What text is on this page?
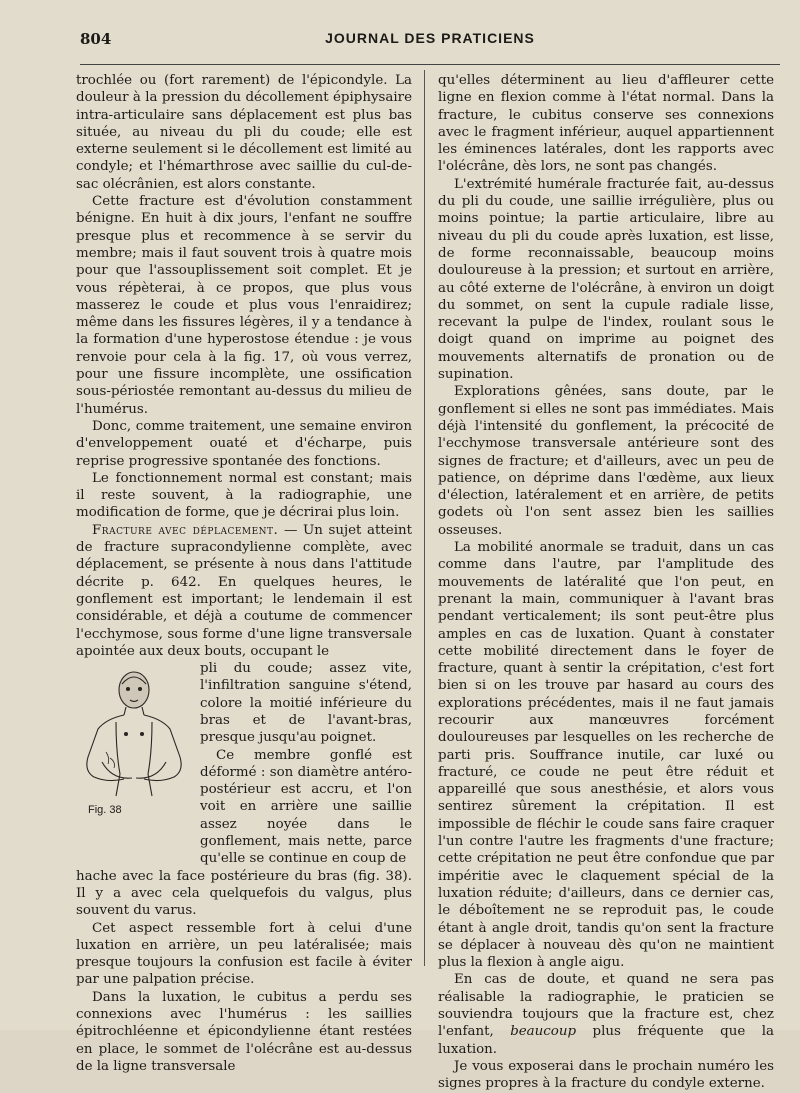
804	JOURNAL DES PRATICIENS

trochlée ou (fort rarement) de l'épicondyle. La douleur à la pression du décollement épiphysaire intra-articulaire sans déplacement est plus bas située, au niveau du pli du coude; elle est externe seulement si le décollement est limité au condyle; et l'hémarthrose avec saillie du cul-de-sac olécrânien, est alors constante.

Cette fracture est d'évolution constamment bénigne. En huit à dix jours, l'enfant ne souffre presque plus et recommence à se servir du membre; mais il faut souvent trois à quatre mois pour que l'assouplissement soit complet. Et je vous répèterai, à ce propos, que plus vous masserez le coude et plus vous l'enraidirez; même dans les fissures légères, il y a tendance à la formation d'une hyperostose étendue : je vous renvoie pour cela à la fig. 17, où vous verrez, pour une fissure incomplète, une ossification sous-périostée remontant au-dessus du milieu de l'humérus.

Donc, comme traitement, une semaine environ d'enveloppement ouaté et d'écharpe, puis reprise progressive spontanée des fonctions.

Le fonctionnement normal est constant; mais il reste souvent, à la radiographie, une modification de forme, que je décrirai plus loin.

Fracture avec déplacement. — Un sujet atteint de fracture supracondylienne complète, avec déplacement, se présente à nous dans l'attitude décrite p. 642. En quelques heures, le gonflement est important; le lendemain il est considérable, et déjà a coutume de commencer l'ecchymose, sous forme d'une ligne transversale apointée aux deux bouts, occupant le

Fig. 38

pli du coude; assez vite, l'infiltration sanguine s'étend, colore la moitié inférieure du bras et de l'avant-bras, presque jusqu'au poignet.

Ce membre gonflé est déformé : son diamètre antéro-postérieur est accru, et l'on voit en arrière une saillie assez noyée dans le gonflement, mais nette, parce qu'elle se continue en coup de

hache avec la face postérieure du bras (fig. 38). Il y a avec cela quelquefois du valgus, plus souvent du varus.

Cet aspect ressemble fort à celui d'une luxation en arrière, un peu latéralisée; mais presque toujours la confusion est facile à éviter par une palpation précise.

Dans la luxation, le cubitus a perdu ses connexions avec l'humérus : les saillies épitrochléenne et épicondylienne étant restées en place, le sommet de l'olécrâne est au-dessus de la ligne transversale

qu'elles déterminent au lieu d'affleurer cette ligne en flexion comme à l'état normal. Dans la fracture, le cubitus conserve ses connexions avec le fragment inférieur, auquel appartiennent les éminences latérales, dont les rapports avec l'olécrâne, dès lors, ne sont pas changés.

L'extrémité humérale fracturée fait, au-dessus du pli du coude, une saillie irrégulière, plus ou moins pointue; la partie articulaire, libre au niveau du pli du coude après luxation, est lisse, de forme reconnaissable, beaucoup moins douloureuse à la pression; et surtout en arrière, au côté externe de l'olécrâne, à environ un doigt du sommet, on sent la cupule radiale lisse, recevant la pulpe de l'index, roulant sous le doigt quand on imprime au poignet des mouvements alternatifs de pronation ou de supination.

Explorations gênées, sans doute, par le gonflement si elles ne sont pas immédiates. Mais déjà l'intensité du gonflement, la précocité de l'ecchymose transversale antérieure sont des signes de fracture; et d'ailleurs, avec un peu de patience, on déprime dans l'œdème, aux lieux d'élection, latéralement et en arrière, de petits godets où l'on sent assez bien les saillies osseuses.

La mobilité anormale se traduit, dans un cas comme dans l'autre, par l'amplitude des mouvements de latéralité que l'on peut, en prenant la main, communiquer à l'avant bras pendant verticalement; ils sont peut-être plus amples en cas de luxation. Quant à constater cette mobilité directement dans le foyer de fracture, quant à sentir la crépitation, c'est fort bien si on les trouve par hasard au cours des explorations précédentes, mais il ne faut jamais recourir aux manœuvres forcément douloureuses par lesquelles on les recherche de parti pris. Souffrance inutile, car luxé ou fracturé, ce coude ne peut être réduit et appareillé que sous anesthésie, et alors vous sentirez sûrement la crépitation. Il est impossible de fléchir le coude sans faire craquer l'un contre l'autre les fragments d'une fracture; cette crépitation ne peut être confondue que par impéritie avec le claquement spécial de la luxation réduite; d'ailleurs, dans ce dernier cas, le déboîtement ne se reproduit pas, le coude étant à angle droit, tandis qu'on sent la fracture se déplacer à nouveau dès qu'on ne maintient plus la flexion à angle aigu.

En cas de doute, et quand ne sera pas réalisable la radiographie, le praticien se souviendra toujours que la fracture est, chez l'enfant, beaucoup plus fréquente que la luxation.

Je vous exposerai dans le prochain numéro les signes propres à la fracture du condyle externe.
